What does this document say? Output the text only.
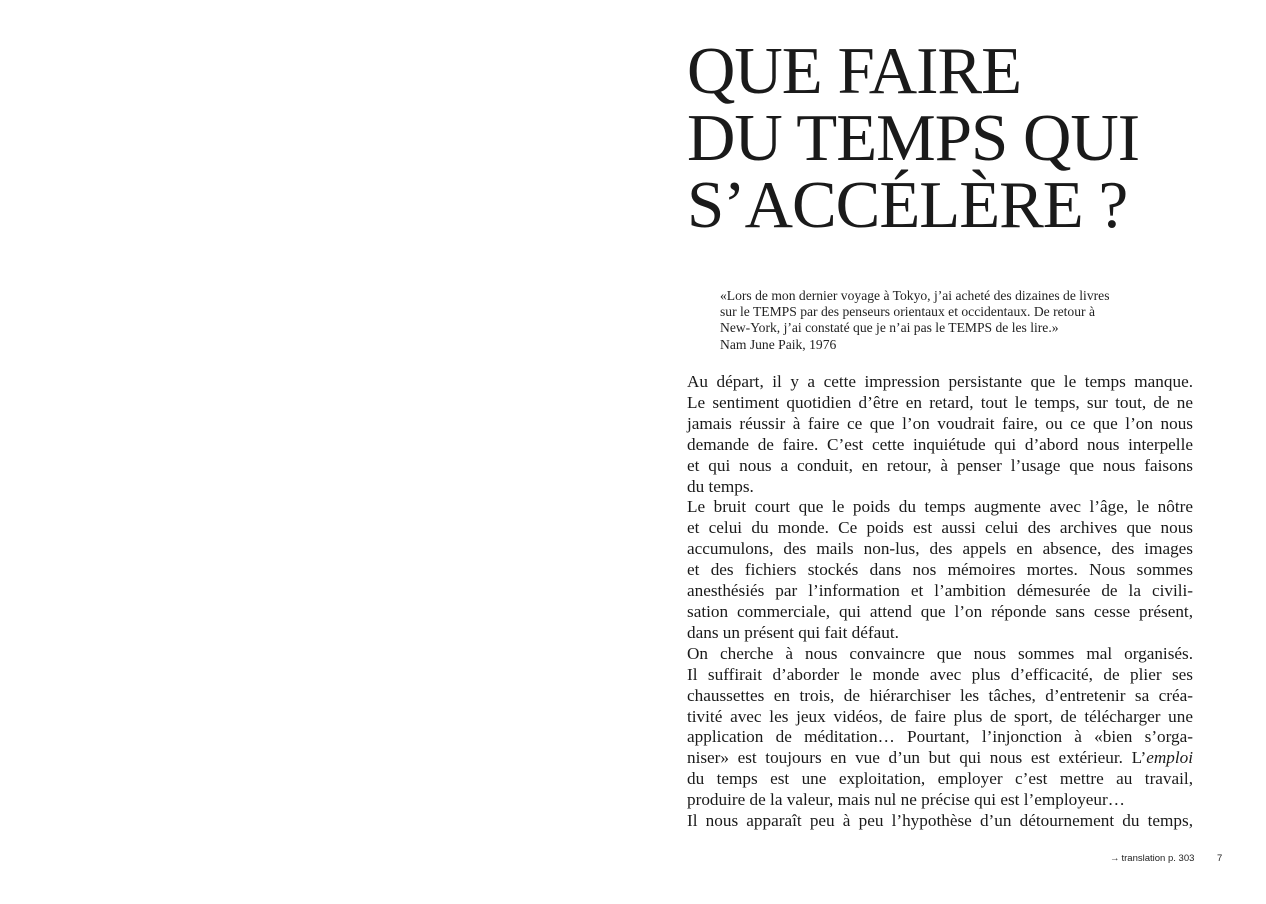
QUE FAIRE
DU TEMPS QUI
S’ACCÉLÈRE ?
«Lors de mon dernier voyage à Tokyo, j’ai acheté des dizaines de livres
sur le TEMPS par des penseurs orientaux et occidentaux. De retour à
New-York, j’ai constaté que je n’ai pas le TEMPS de les lire.»
Nam June Paik, 1976
Au départ, il y a cette impression persistante que le temps manque.
Le sentiment quotidien d’être en retard, tout le temps, sur tout, de ne
jamais réussir à faire ce que l’on voudrait faire, ou ce que l’on nous
demande de faire. C’est cette inquiétude qui d’abord nous interpelle
et qui nous a conduit, en retour, à penser l’usage que nous faisons
du temps.
Le bruit court que le poids du temps augmente avec l’âge, le nôtre
et celui du monde. Ce poids est aussi celui des archives que nous
accumulons, des mails non-lus, des appels en absence, des images
et des fichiers stockés dans nos mémoires mortes. Nous sommes
anesthésiés par l’information et l’ambition démesurée de la civili-
sation commerciale, qui attend que l’on réponde sans cesse présent,
dans un présent qui fait défaut.
On cherche à nous convaincre que nous sommes mal organisés.
Il suffirait d’aborder le monde avec plus d’efficacité, de plier ses
chaussettes en trois, de hiérarchiser les tâches, d’entretenir sa créa-
tivité avec les jeux vidéos, de faire plus de sport, de télécharger une
application de méditation… Pourtant, l’injonction à «bien s’orga-
niser» est toujours en vue d’un but qui nous est extérieur. L’emploi
du temps est une exploitation, employer c’est mettre au travail,
produire de la valeur, mais nul ne précise qui est l’employeur…
Il nous apparaît peu à peu l’hypothèse d’un détournement du temps,
→ translation p. 303 7
